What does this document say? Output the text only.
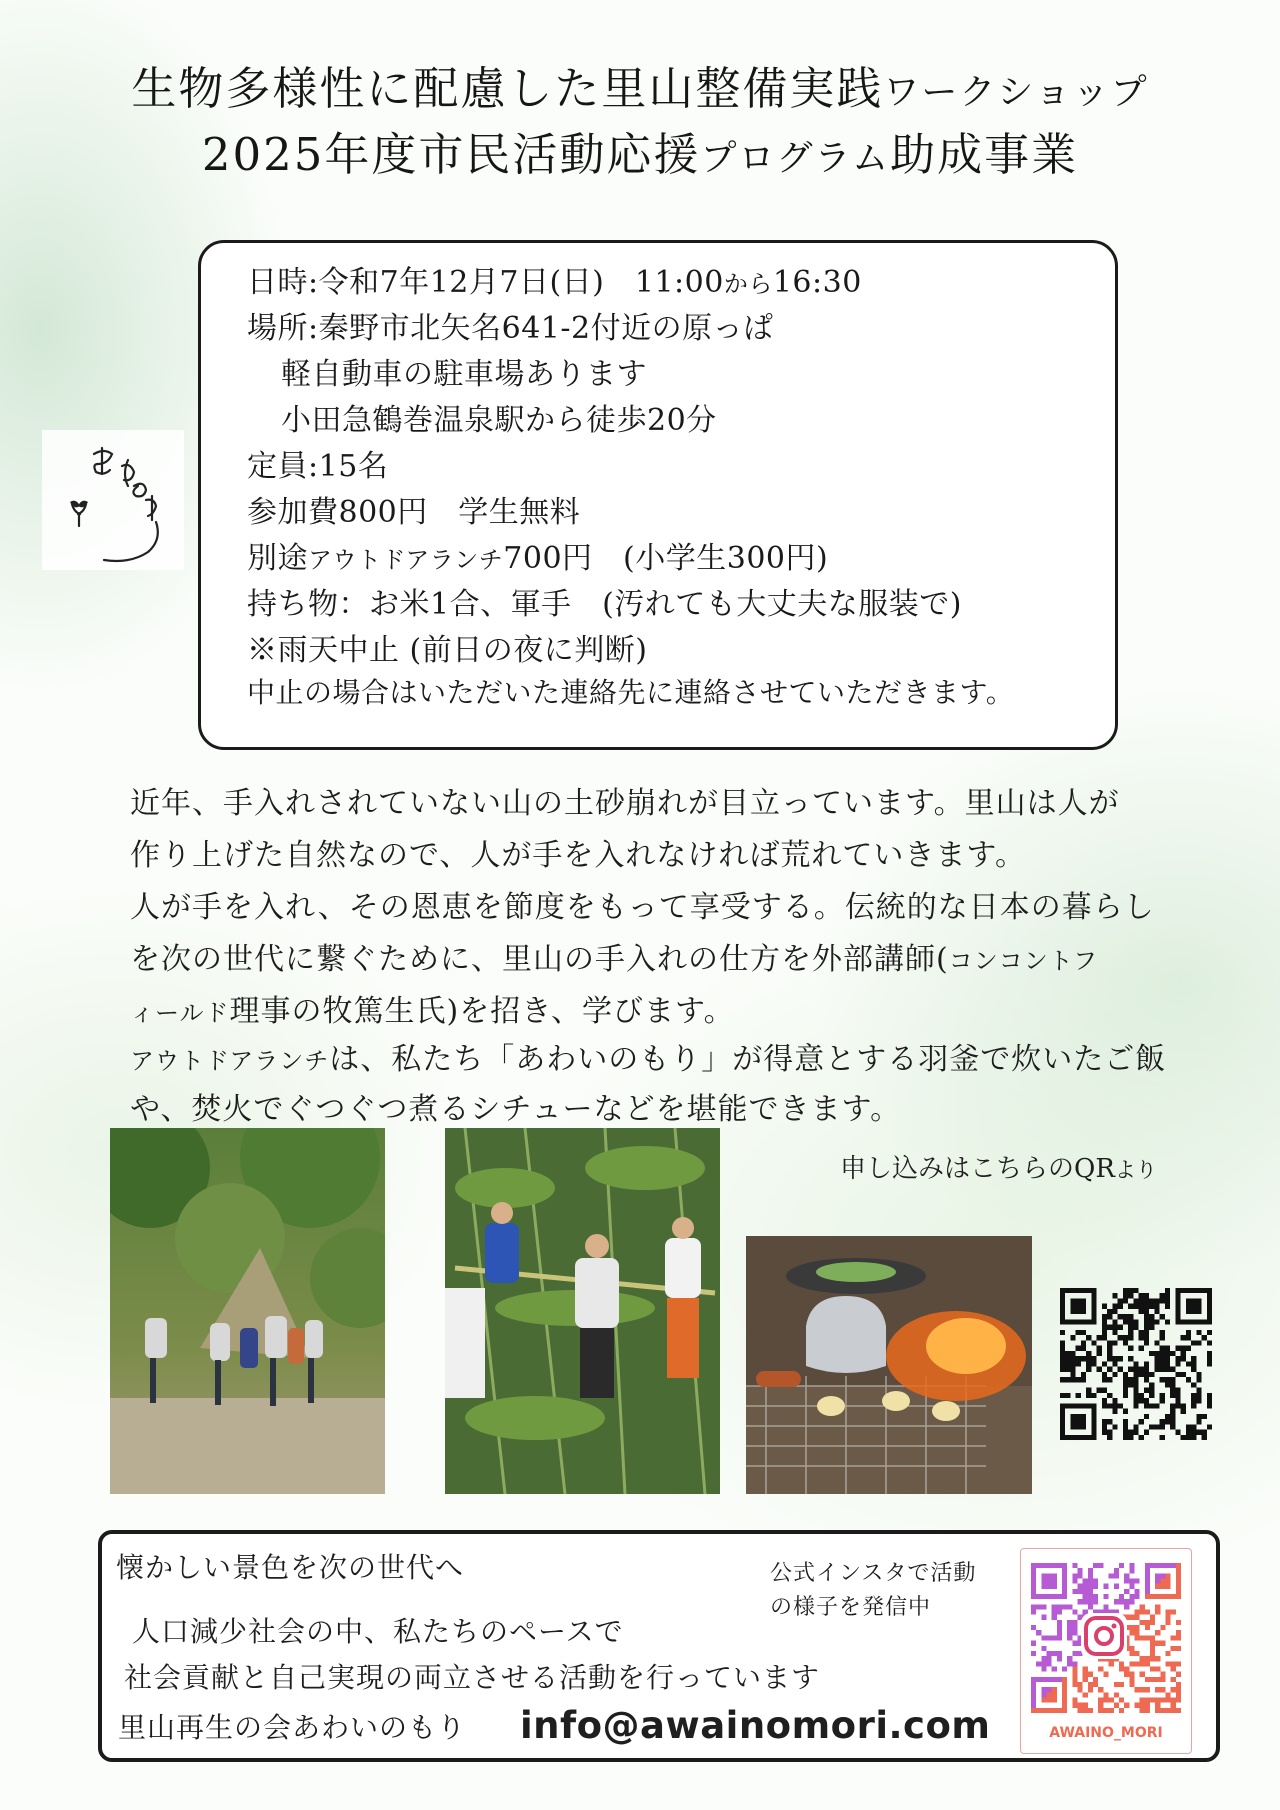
生物多様性に配慮した里山整備実践ワークショップ
2025年度市民活動応援プログラム助成事業
日時:令和7年12月7日(日)　11:00から16:30
場所:秦野市北矢名641-2付近の原っぱ
軽自動車の駐車場あります
小田急鶴巻温泉駅から徒歩20分
定員:15名
参加費800円　学生無料
別途アウトドアランチ700円　(小学生300円)
持ち物：お米1合、軍手　(汚れても大丈夫な服装で)
※雨天中止 (前日の夜に判断)
中止の場合はいただいた連絡先に連絡させていただきます。
近年、手入れされていない山の土砂崩れが目立っています。里山は人が
作り上げた自然なので、人が手を入れなければ荒れていきます。
人が手を入れ、その恩恵を節度をもって享受する。伝統的な日本の暮らし
を次の世代に繋ぐために、里山の手入れの仕方を外部講師(コンコントフ
ィールド理事の牧篤生氏)を招き、学びます。
アウトドアランチは、私たち「あわいのもり」が得意とする羽釜で炊いたご飯
や、焚火でぐつぐつ煮るシチューなどを堪能できます。
申し込みはこちらのQRより
懐かしい景色を次の世代へ
人口減少社会の中、私たちのペースで
社会貢献と自己実現の両立させる活動を行っています
里山再生の会あわいのもり info@awainomori.com
公式インスタで活動
の様子を発信中
AWAINO_MORI
